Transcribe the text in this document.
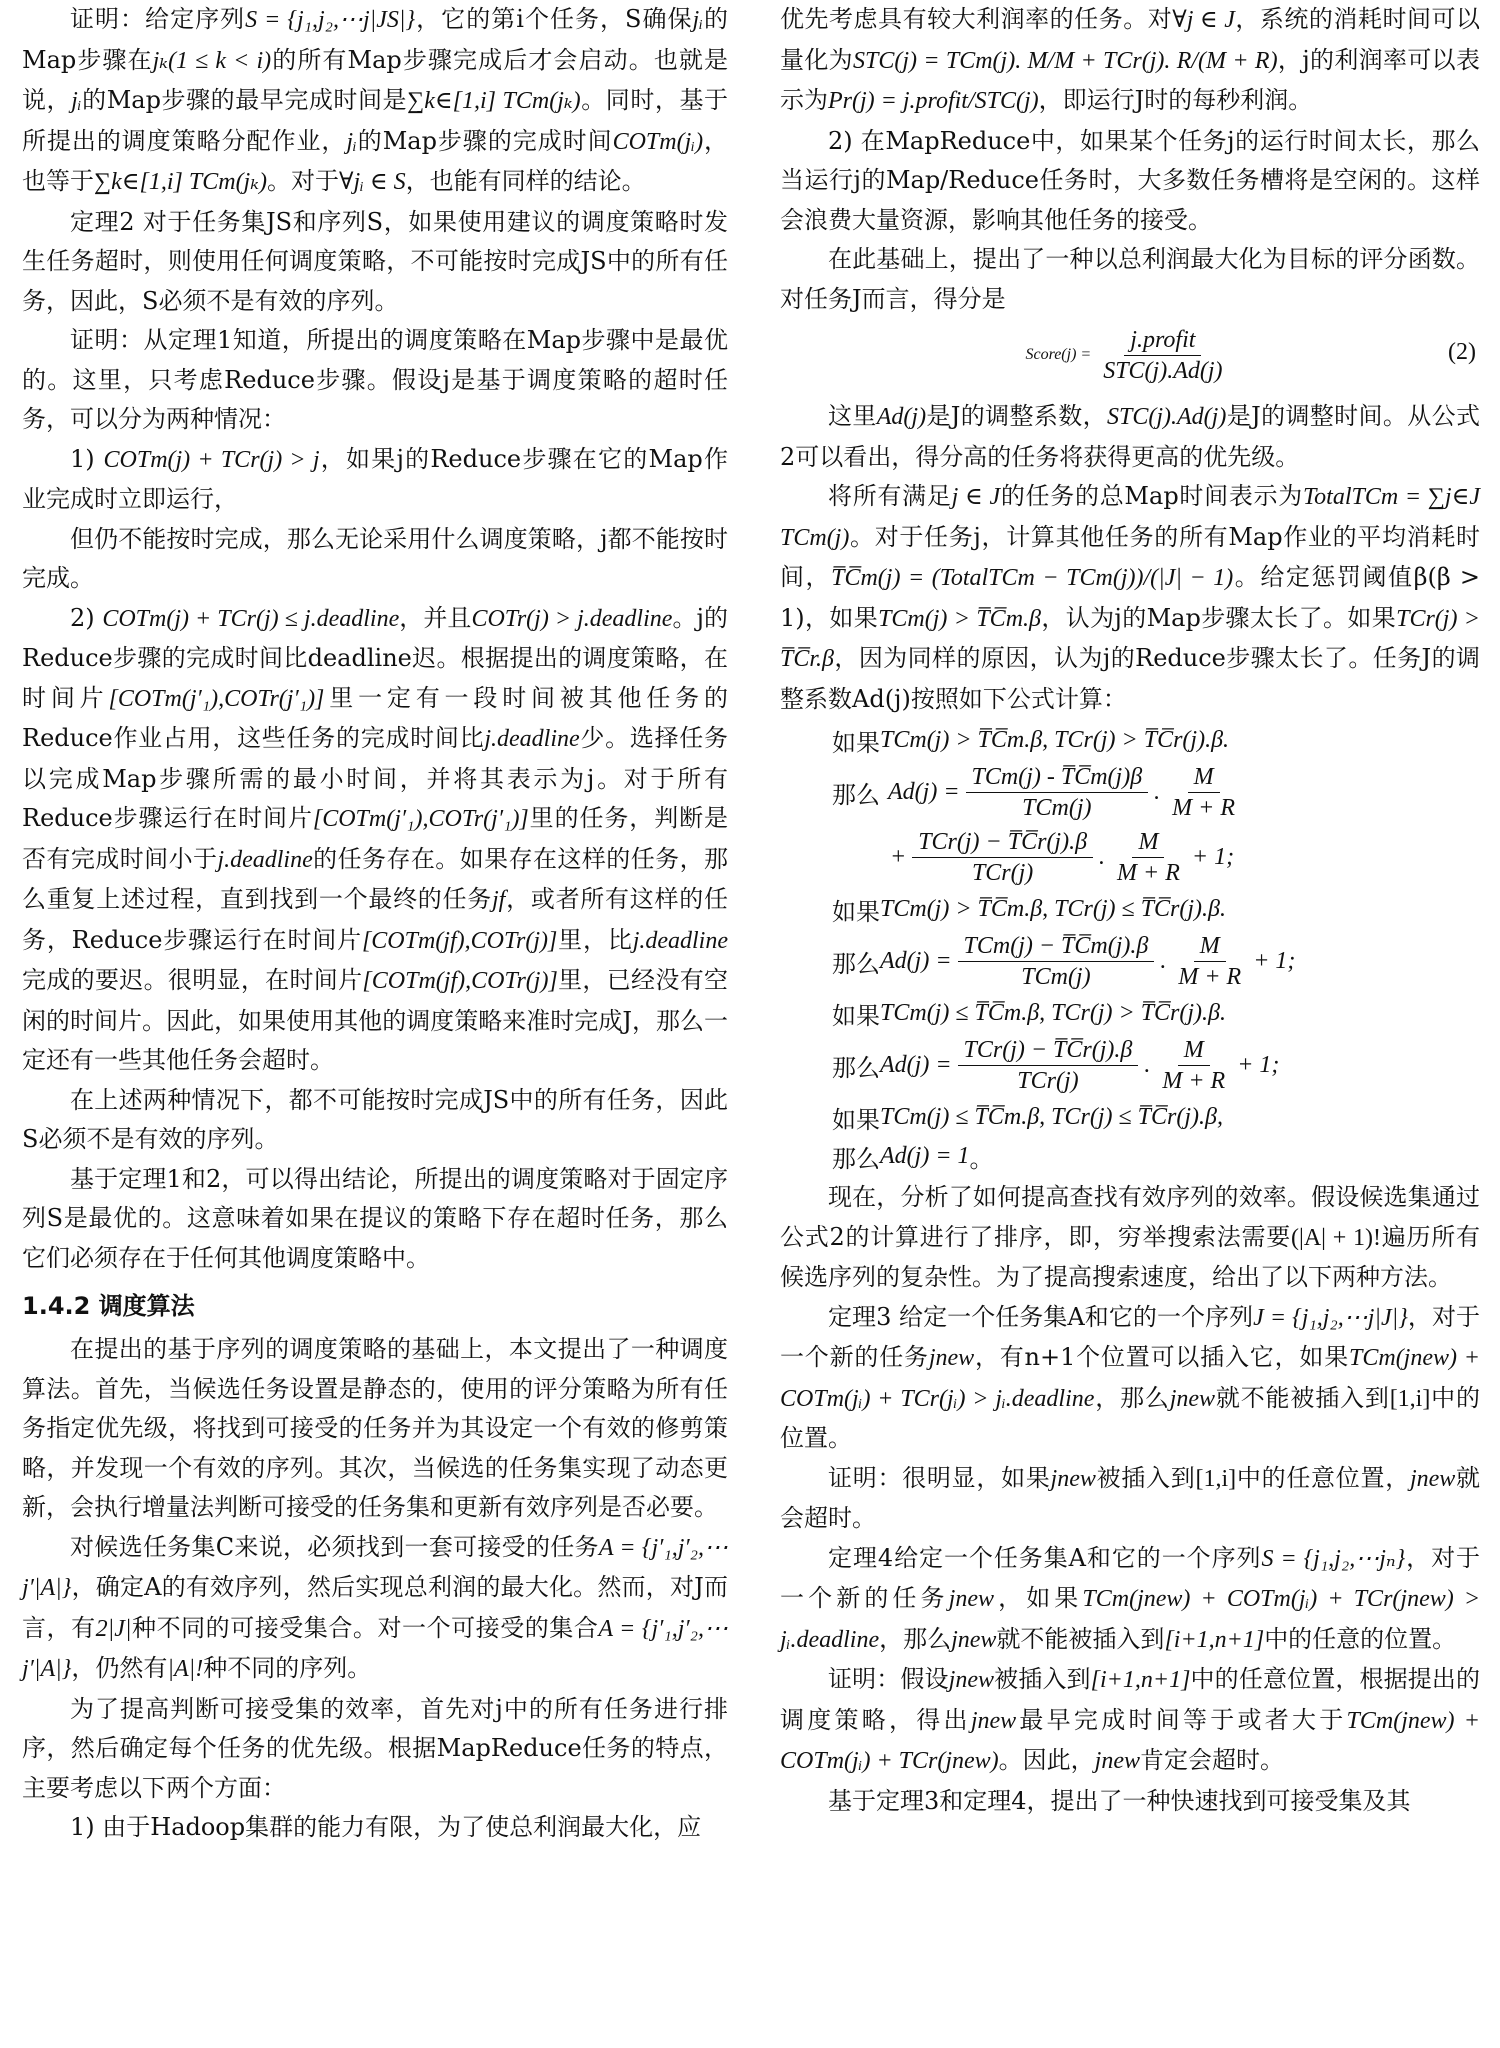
证明：给定序列S = {j₁,j₂,⋯j|JS|}，它的第i个任务，S确保jᵢ的Map步骤在jₖ(1 ≤ k < i)的所有Map步骤完成后才会启动。也就是说，jᵢ的Map步骤的最早完成时间是∑k∈[1,i] TCm(jₖ)。同时，基于所提出的调度策略分配作业，jᵢ的Map步骤的完成时间COTm(jᵢ)，也等于∑k∈[1,i] TCm(jₖ)。对于∀jᵢ ∈ S，也能有同样的结论。

定理2 对于任务集JS和序列S，如果使用建议的调度策略时发生任务超时，则使用任何调度策略，不可能按时完成JS中的所有任务，因此，S必须不是有效的序列。

证明：从定理1知道，所提出的调度策略在Map步骤中是最优的。这里，只考虑Reduce步骤。假设j是基于调度策略的超时任务，可以分为两种情况：

1) COTm(j) + TCr(j) > j，如果j的Reduce步骤在它的Map作业完成时立即运行，

但仍不能按时完成，那么无论采用什么调度策略，j都不能按时完成。

2) COTm(j) + TCr(j) ≤ j.deadline，并且COTr(j) > j.deadline。j的Reduce步骤的完成时间比deadline迟。根据提出的调度策略，在时间片[COTm(j′₁),COTr(j′₁)]里一定有一段时间被其他任务的Reduce作业占用，这些任务的完成时间比j.deadline少。选择任务以完成Map步骤所需的最小时间，并将其表示为j。对于所有Reduce步骤运行在时间片[COTm(j′₁),COTr(j′₁)]里的任务，判断是否有完成时间小于j.deadline的任务存在。如果存在这样的任务，那么重复上述过程，直到找到一个最终的任务jf，或者所有这样的任务，Reduce步骤运行在时间片[COTm(jf),COTr(j)]里，比j.deadline完成的要迟。很明显，在时间片[COTm(jf),COTr(j)]里，已经没有空闲的时间片。因此，如果使用其他的调度策略来准时完成J，那么一定还有一些其他任务会超时。

在上述两种情况下，都不可能按时完成JS中的所有任务，因此S必须不是有效的序列。

基于定理1和2，可以得出结论，所提出的调度策略对于固定序列S是最优的。这意味着如果在提议的策略下存在超时任务，那么它们必须存在于任何其他调度策略中。

1.4.2 调度算法

在提出的基于序列的调度策略的基础上，本文提出了一种调度算法。首先，当候选任务设置是静态的，使用的评分策略为所有任务指定优先级，将找到可接受的任务并为其设定一个有效的修剪策略，并发现一个有效的序列。其次，当候选的任务集实现了动态更新，会执行增量法判断可接受的任务集和更新有效序列是否必要。

对候选任务集C来说，必须找到一套可接受的任务A = {j′₁,j′₂,⋯j′|A|}，确定A的有效序列，然后实现总利润的最大化。然而，对J而言，有2|J|种不同的可接受集合。对一个可接受的集合A = {j′₁,j′₂,⋯j′|A|}，仍然有|A|!种不同的序列。

为了提高判断可接受集的效率，首先对j中的所有任务进行排序，然后确定每个任务的优先级。根据MapReduce任务的特点，主要考虑以下两个方面：

1) 由于Hadoop集群的能力有限，为了使总利润最大化，应

优先考虑具有较大利润率的任务。对∀j ∈ J，系统的消耗时间可以量化为STC(j) = TCm(j). M/M + TCr(j). R/(M + R)，j的利润率可以表示为Pr(j) = j.profit/STC(j)，即运行J时的每秒利润。

2) 在MapReduce中，如果某个任务j的运行时间太长，那么当运行j的Map/Reduce任务时，大多数任务槽将是空闲的。这样会浪费大量资源，影响其他任务的接受。

在此基础上，提出了一种以总利润最大化为目标的评分函数。对任务J而言，得分是

Score(j) = $\frac{\text{j.profit}}{\text{STC(j).Ad(j)}}$	(2)

这里Ad(j)是J的调整系数，STC(j).Ad(j)是J的调整时间。从公式2可以看出，得分高的任务将获得更高的优先级。

将所有满足j ∈ J的任务的总Map时间表示为TotalTCm = ∑j∈J TCm(j)。对于任务j，计算其他任务的所有Map作业的平均消耗时间，T̅C̅m(j) = (TotalTCm − TCm(j))/(|J| − 1)。给定惩罚阈值β(β > 1)，如果TCm(j) > T̅C̅m.β，认为j的Map步骤太长了。如果TCr(j) > T̅C̅r.β，因为同样的原因，认为j的Reduce步骤太长了。任务J的调整系数Ad(j)按照如下公式计算：

如果 TCm(j) > T̅C̅m.β, TCr(j) > T̅C̅r(j).β.
那么 $Ad(j) = \frac{\text{TCm(j) - T̅C̅m(j)β}}{\text{TCm(j)}}$ . $\frac{M}{M + R}$
+ $\frac{\text{TCr(j) − T̅C̅r(j).β}}{\text{TCr(j)}}$ . $\frac{M}{M + R} + 1$;
如果 TCm(j) > T̅C̅m.β, TCr(j) ≤ T̅C̅r(j).β.
那么 $Ad(j) = \frac{\text{TCm(j) − T̅C̅m(j).β}}{\text{TCm(j)}}$ . $\frac{M}{M + R} + 1$;
如果 TCm(j) ≤ T̅C̅m.β, TCr(j) > T̅C̅r(j).β.
那么 $Ad(j) = \frac{\text{TCr(j) − T̅C̅r(j).β}}{\text{TCr(j)}}$ . $\frac{M}{M + R} + 1$;
如果 TCm(j) ≤ T̅C̅m.β, TCr(j) ≤ T̅C̅r(j).β,
那么 Ad(j) = 1 。

现在，分析了如何提高查找有效序列的效率。假设候选集通过公式2的计算进行了排序，即，穷举搜索法需要(|A| + 1)!遍历所有候选序列的复杂性。为了提高搜索速度，给出了以下两种方法。

定理3 给定一个任务集A和它的一个序列J = {j₁,j₂,⋯j|J|}，对于一个新的任务jnew，有n+1个位置可以插入它，如果TCm(jnew) + COTm(jᵢ) + TCr(jᵢ) > jᵢ.deadline，那么jnew就不能被插入到[1,i]中的位置。

证明：很明显，如果jnew被插入到[1,i]中的任意位置，jnew就会超时。

定理4给定一个任务集A和它的一个序列S = {j₁,j₂,⋯jₙ}，对于一个新的任务jnew，如果TCm(jnew) + COTm(jᵢ) + TCr(jnew) > jᵢ.deadline，那么jnew就不能被插入到[i+1,n+1]中的任意的位置。

证明：假设jnew被插入到[i+1,n+1]中的任意位置，根据提出的调度策略，得出jnew最早完成时间等于或者大于TCm(jnew) + COTm(jᵢ) + TCr(jnew)。因此，jnew肯定会超时。

基于定理3和定理4，提出了一种快速找到可接受集及其
